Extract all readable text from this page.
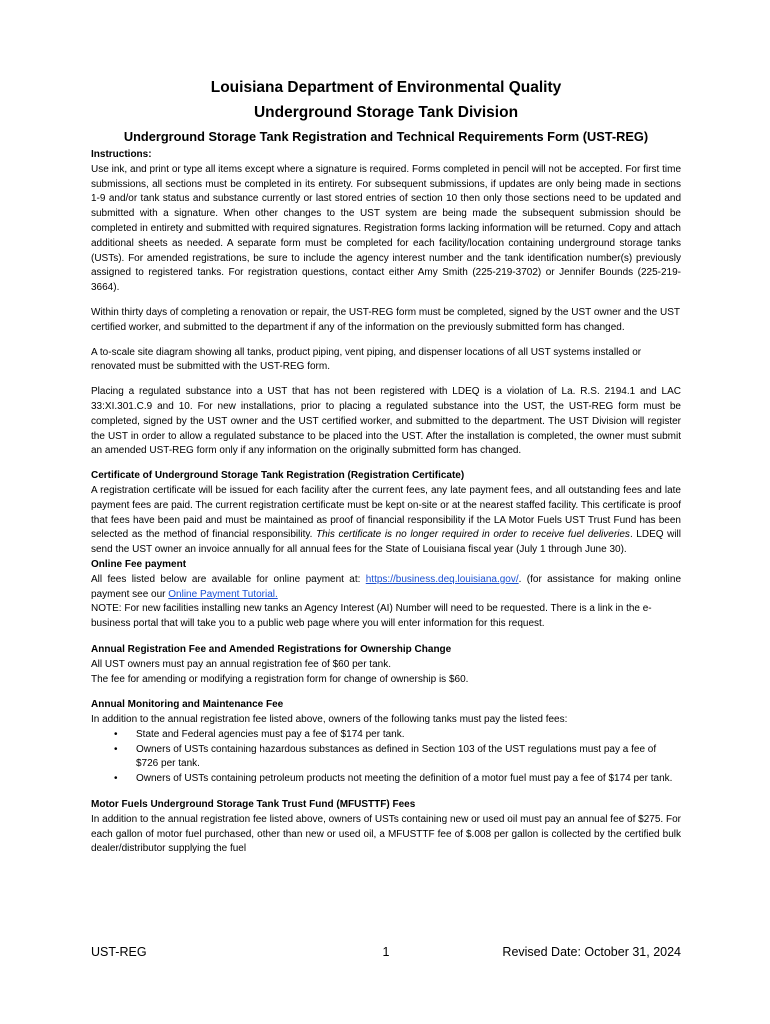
Louisiana Department of Environmental Quality
Underground Storage Tank Division
Underground Storage Tank Registration and Technical Requirements Form (UST-REG)
Instructions:

Use ink, and print or type all items except where a signature is required. Forms completed in pencil will not be accepted. For first time submissions, all sections must be completed in its entirety. For subsequent submissions, if updates are only being made in sections 1-9 and/or tank status and substance currently or last stored entries of section 10 then only those sections need to be updated and submitted with a signature. When other changes to the UST system are being made the subsequent submission should be completed in entirety and submitted with required signatures. Registration forms lacking information will be returned. Copy and attach additional sheets as needed. A separate form must be completed for each facility/location containing underground storage tanks (USTs). For amended registrations, be sure to include the agency interest number and the tank identification number(s) previously assigned to registered tanks. For registration questions, contact either Amy Smith (225-219-3702) or Jennifer Bounds (225-219-3664).

Within thirty days of completing a renovation or repair, the UST-REG form must be completed, signed by the UST owner and the UST certified worker, and submitted to the department if any of the information on the previously submitted form has changed.

A to-scale site diagram showing all tanks, product piping, vent piping, and dispenser locations of all UST systems installed or renovated must be submitted with the UST-REG form.

Placing a regulated substance into a UST that has not been registered with LDEQ is a violation of La. R.S. 2194.1 and LAC 33:XI.301.C.9 and 10. For new installations, prior to placing a regulated substance into the UST, the UST-REG form must be completed, signed by the UST owner and the UST certified worker, and submitted to the department. The UST Division will register the UST in order to allow a regulated substance to be placed into the UST. After the installation is completed, the owner must submit an amended UST-REG form only if any information on the originally submitted form has changed.

Certificate of Underground Storage Tank Registration (Registration Certificate)

A registration certificate will be issued for each facility after the current fees, any late payment fees, and all outstanding fees and late payment fees are paid. The current registration certificate must be kept on-site or at the nearest staffed facility. This certificate is proof that fees have been paid and must be maintained as proof of financial responsibility if the LA Motor Fuels UST Trust Fund has been selected as the method of financial responsibility. This certificate is no longer required in order to receive fuel deliveries. LDEQ will send the UST owner an invoice annually for all annual fees for the State of Louisiana fiscal year (July 1 through June 30).

Online Fee payment

All fees listed below are available for online payment at: https://business.deq.louisiana.gov/. (for assistance for making online payment see our Online Payment Tutorial.

NOTE: For new facilities installing new tanks an Agency Interest (AI) Number will need to be requested. There is a link in the e-business portal that will take you to a public web page where you will enter information for this request.

Annual Registration Fee and Amended Registrations for Ownership Change

All UST owners must pay an annual registration fee of $60 per tank.

The fee for amending or modifying a registration form for change of ownership is $60.

Annual Monitoring and Maintenance Fee

In addition to the annual registration fee listed above, owners of the following tanks must pay the listed fees:

• State and Federal agencies must pay a fee of $174 per tank.
• Owners of USTs containing hazardous substances as defined in Section 103 of the UST regulations must pay a fee of $726 per tank.
• Owners of USTs containing petroleum products not meeting the definition of a motor fuel must pay a fee of $174 per tank.
Motor Fuels Underground Storage Tank Trust Fund (MFUSTTF) Fees

In addition to the annual registration fee listed above, owners of USTs containing new or used oil must pay an annual fee of $275. For each gallon of motor fuel purchased, other than new or used oil, a MFUSTTF fee of $.008 per gallon is collected by the certified bulk dealer/distributor supplying the fuel

UST-REG	1	Revised Date: October 31, 2024
